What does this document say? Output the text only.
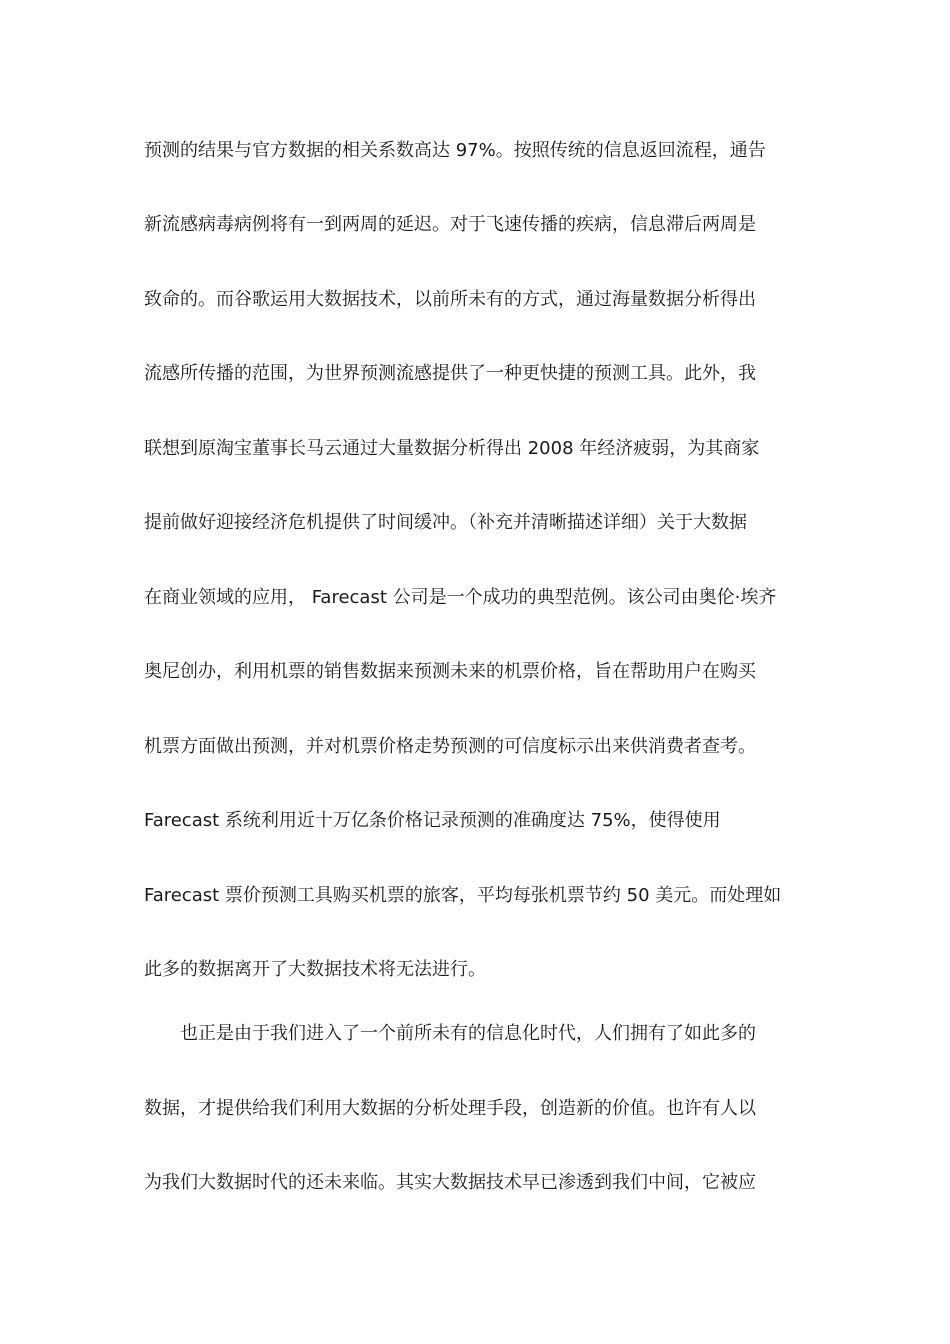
预测的结果与官方数据的相关系数高达 97%。按照传统的信息返回流程，通告
新流感病毒病例将有一到两周的延迟。对于飞速传播的疾病，信息滞后两周是
致命的。而谷歌运用大数据技术，以前所未有的方式，通过海量数据分析得出
流感所传播的范围，为世界预测流感提供了一种更快捷的预测工具。此外，我
联想到原淘宝董事长马云通过大量数据分析得出 2008 年经济疲弱，为其商家
提前做好迎接经济危机提供了时间缓冲。（补充并清晰描述详细）关于大数据
在商业领域的应用， Farecast 公司是一个成功的典型范例。该公司由奥伦·埃齐
奥尼创办，利用机票的销售数据来预测未来的机票价格，旨在帮助用户在购买
机票方面做出预测，并对机票价格走势预测的可信度标示出来供消费者查考。
Farecast 系统利用近十万亿条价格记录预测的准确度达 75%，使得使用
Farecast 票价预测工具购买机票的旅客，平均每张机票节约 50 美元。而处理如
此多的数据离开了大数据技术将无法进行。
也正是由于我们进入了一个前所未有的信息化时代，人们拥有了如此多的
数据，才提供给我们利用大数据的分析处理手段，创造新的价值。也许有人以
为我们大数据时代的还未来临。其实大数据技术早已渗透到我们中间，它被应
